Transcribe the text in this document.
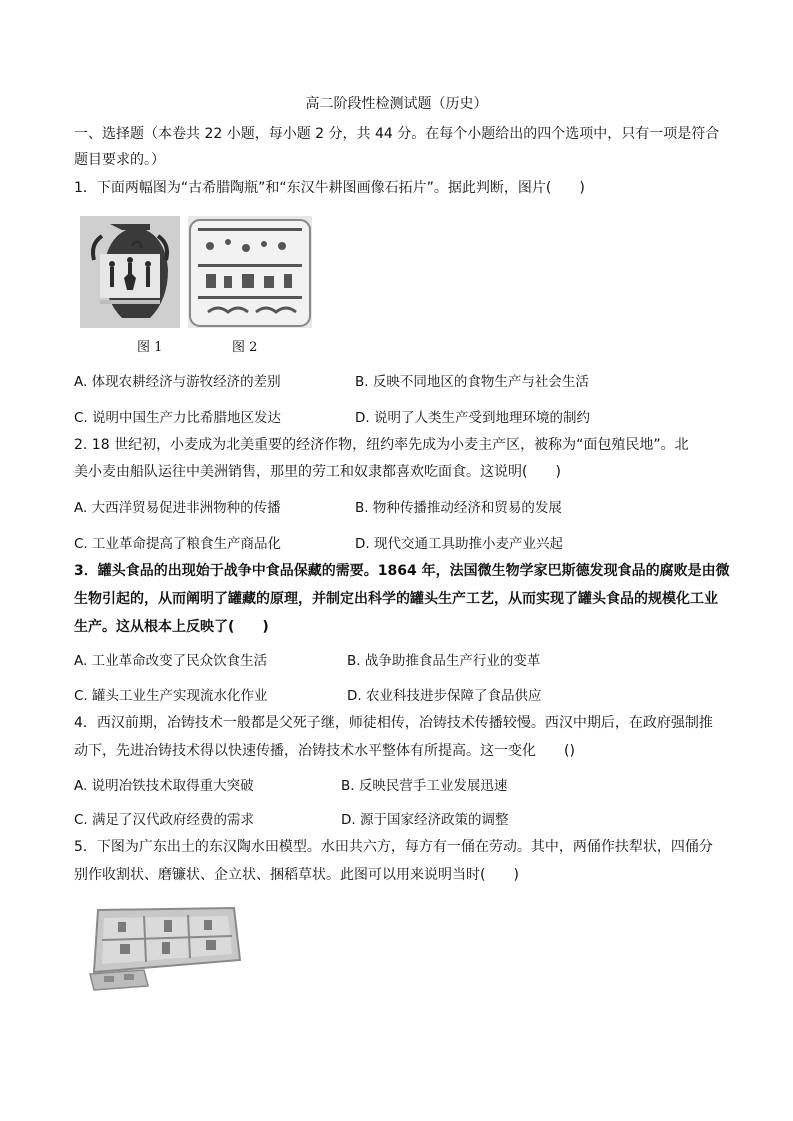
高二阶段性检测试题（历史）
一、选择题（本卷共 22 小题，每小题 2 分，共 44 分。在每个小题给出的四个选项中，只有一项是符合
题目要求的。）
1．下面两幅图为“古希腊陶瓶”和“东汉牛耕图画像石拓片”。据此判断，图片(　　)
图 1	图 2
A. 体现农耕经济与游牧经济的差别	B. 反映不同地区的食物生产与社会生活
C. 说明中国生产力比希腊地区发达	D. 说明了人类生产受到地理环境的制约
2. 18 世纪初，小麦成为北美重要的经济作物，纽约率先成为小麦主产区，被称为“面包殖民地”。北
美小麦由船队运往中美洲销售，那里的劳工和奴隶都喜欢吃面食。这说明(　　)
A. 大西洋贸易促进非洲物种的传播	B. 物种传播推动经济和贸易的发展
C. 工业革命提高了粮食生产商品化	D. 现代交通工具助推小麦产业兴起
3．罐头食品的出现始于战争中食品保藏的需要。1864 年，法国微生物学家巴斯德发现食品的腐败是由微
生物引起的，从而阐明了罐藏的原理，并制定出科学的罐头生产工艺，从而实现了罐头食品的规模化工业
生产。这从根本上反映了(　　)
A. 工业革命改变了民众饮食生活	B. 战争助推食品生产行业的变革
C. 罐头工业生产实现流水化作业	D. 农业科技进步保障了食品供应
4．西汉前期，冶铸技术一般都是父死子继，师徒相传，冶铸技术传播较慢。西汉中期后，在政府强制推
动下，先进冶铸技术得以快速传播，冶铸技术水平整体有所提高。这一变化　　()
A. 说明冶铁技术取得重大突破	B. 反映民营手工业发展迅速
C. 满足了汉代政府经费的需求	D. 源于国家经济政策的调整
5．下图为广东出土的东汉陶水田模型。水田共六方，每方有一俑在劳动。其中，两俑作扶犁状，四俑分
别作收割状、磨镰状、企立状、捆稻草状。此图可以用来说明当时(　　)
